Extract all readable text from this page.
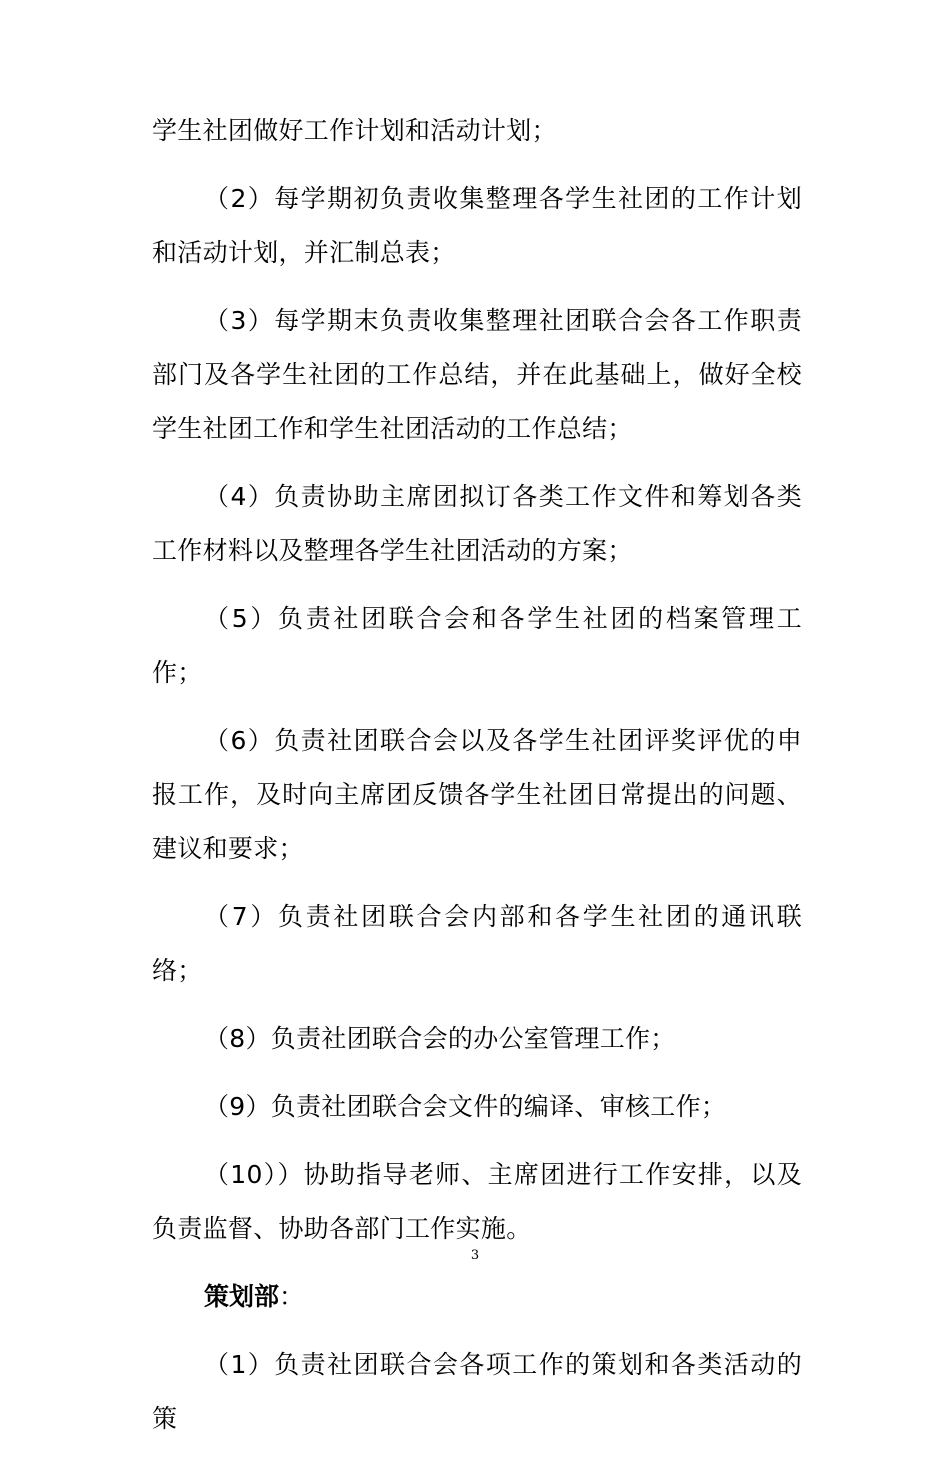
学生社团做好工作计划和活动计划；

（2）每学期初负责收集整理各学生社团的工作计划和活动计划，并汇制总表；

（3）每学期末负责收集整理社团联合会各工作职责部门及各学生社团的工作总结，并在此基础上，做好全校学生社团工作和学生社团活动的工作总结；

（4）负责协助主席团拟订各类工作文件和筹划各类工作材料以及整理各学生社团活动的方案；

（5）负责社团联合会和各学生社团的档案管理工作；

（6）负责社团联合会以及各学生社团评奖评优的申报工作，及时向主席团反馈各学生社团日常提出的问题、建议和要求；

（7）负责社团联合会内部和各学生社团的通讯联络；

（8）负责社团联合会的办公室管理工作；

（9）负责社团联合会文件的编译、审核工作；

（10））协助指导老师、主席团进行工作安排，以及负责监督、协助各部门工作实施。

策划部：

（1）负责社团联合会各项工作的策划和各类活动的策

3
